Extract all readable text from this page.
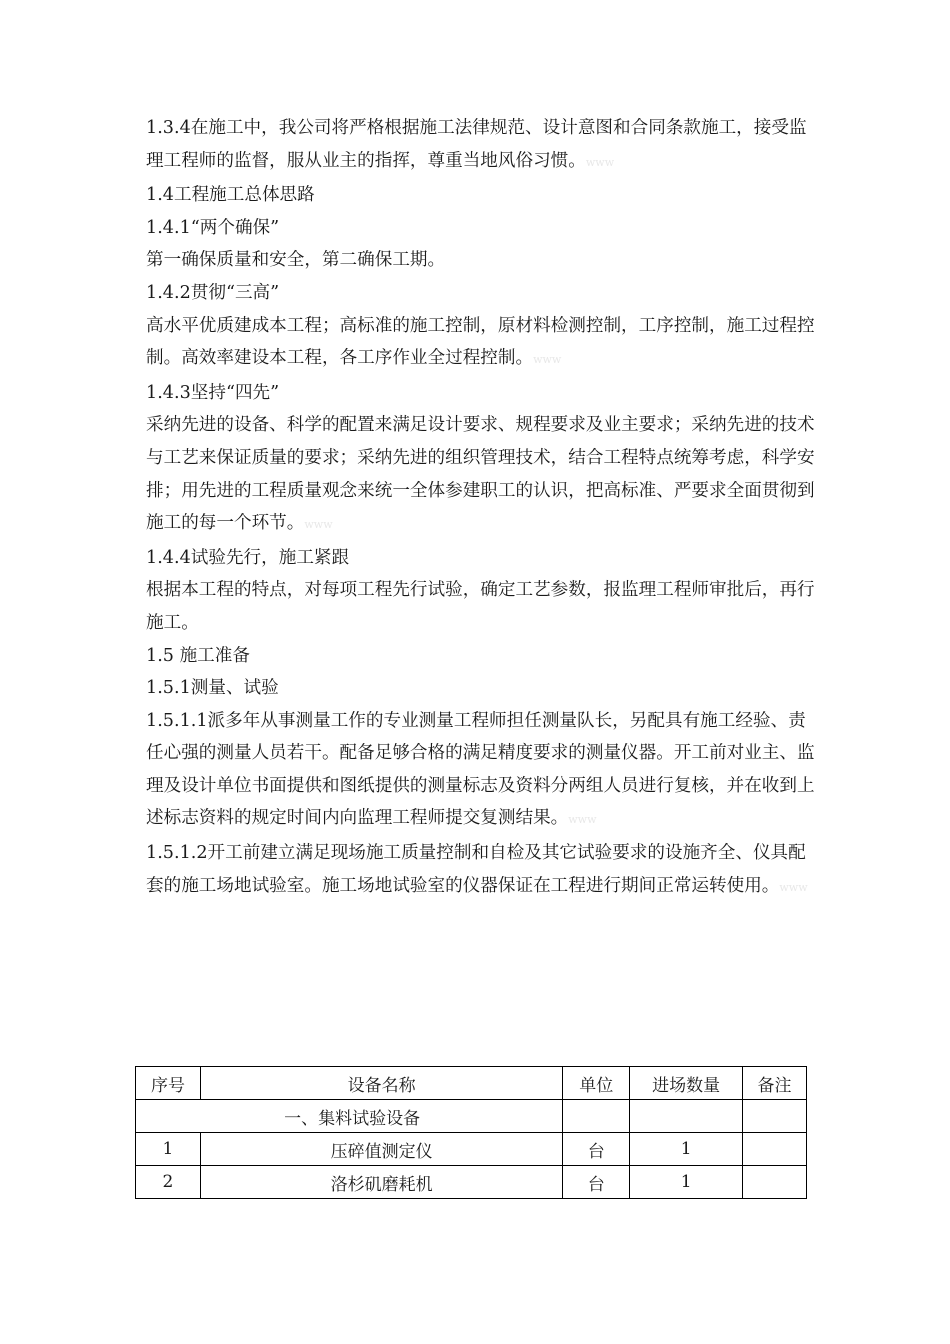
1.3.4在施工中，我公司将严格根据施工法律规范、设计意图和合同条款施工，接受监理工程师的监督，服从业主的指挥，尊重当地风俗习惯。www

1.4工程施工总体思路

1.4.1“两个确保”

第一确保质量和安全，第二确保工期。

1.4.2贯彻“三高”

高水平优质建成本工程；高标准的施工控制，原材料检测控制，工序控制，施工过程控制。高效率建设本工程，各工序作业全过程控制。www

1.4.3坚持“四先”

采纳先进的设备、科学的配置来满足设计要求、规程要求及业主要求；采纳先进的技术与工艺来保证质量的要求；采纳先进的组织管理技术，结合工程特点统筹考虑，科学安排；用先进的工程质量观念来统一全体参建职工的认识，把高标准、严要求全面贯彻到施工的每一个环节。www

1.4.4试验先行，施工紧跟

根据本工程的特点，对每项工程先行试验，确定工艺参数，报监理工程师审批后，再行施工。

1.5 施工准备

1.5.1测量、试验

1.5.1.1派多年从事测量工作的专业测量工程师担任测量队长，另配具有施工经验、责任心强的测量人员若干。配备足够合格的满足精度要求的测量仪器。开工前对业主、监理及设计单位书面提供和图纸提供的测量标志及资料分两组人员进行复核，并在收到上述标志资料的规定时间内向监理工程师提交复测结果。www

1.5.1.2开工前建立满足现场施工质量控制和自检及其它试验要求的设施齐全、仪具配套的施工场地试验室。施工场地试验室的仪器保证在工程进行期间正常运转使用。www

序号	设备名称	单位	进场数量	备注
一、集料试验设备				
1	压碎值测定仪	台	1	
2	洛杉矶磨耗机	台	1	
